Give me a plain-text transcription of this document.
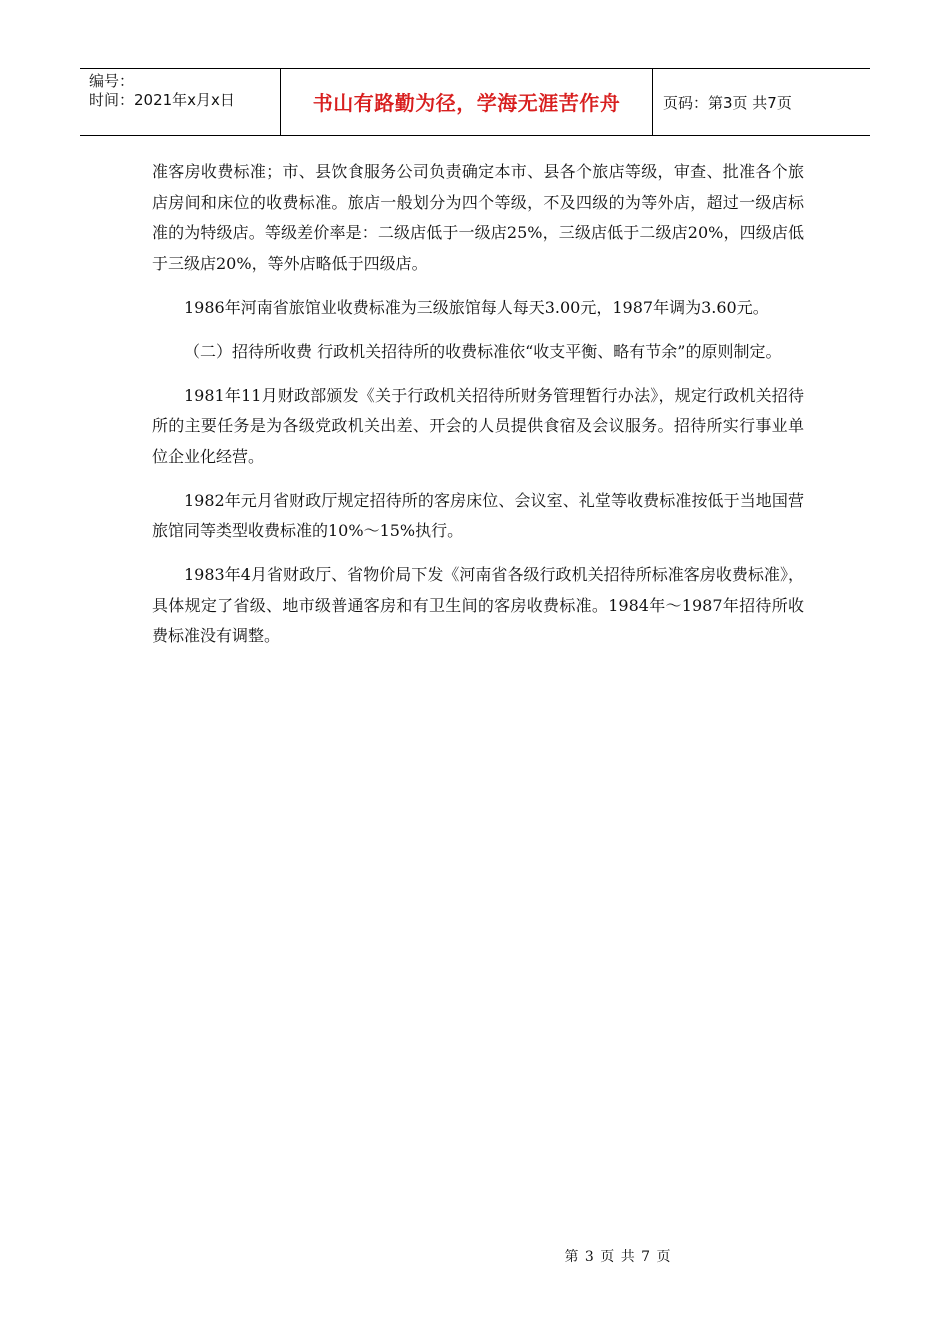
编号：
时间：2021年x月x日	书山有路勤为径，学海无涯苦作舟	页码：第3页 共7页

准客房收费标准；市、县饮食服务公司负责确定本市、县各个旅店等级，审查、批准各个旅店房间和床位的收费标准。旅店一般划分为四个等级，不及四级的为等外店，超过一级店标准的为特级店。等级差价率是：二级店低于一级店25%，三级店低于二级店20%，四级店低于三级店20%，等外店略低于四级店。

1986年河南省旅馆业收费标准为三级旅馆每人每天3.00元，1987年调为3.60元。

（二）招待所收费 行政机关招待所的收费标准依“收支平衡、略有节余”的原则制定。

1981年11月财政部颁发《关于行政机关招待所财务管理暂行办法》，规定行政机关招待所的主要任务是为各级党政机关出差、开会的人员提供食宿及会议服务。招待所实行事业单位企业化经营。

1982年元月省财政厅规定招待所的客房床位、会议室、礼堂等收费标准按低于当地国营旅馆同等类型收费标准的10%～15%执行。

1983年4月省财政厅、省物价局下发《河南省各级行政机关招待所标准客房收费标准》，具体规定了省级、地市级普通客房和有卫生间的客房收费标准。1984年～1987年招待所收费标准没有调整。

第 3 页 共 7 页
